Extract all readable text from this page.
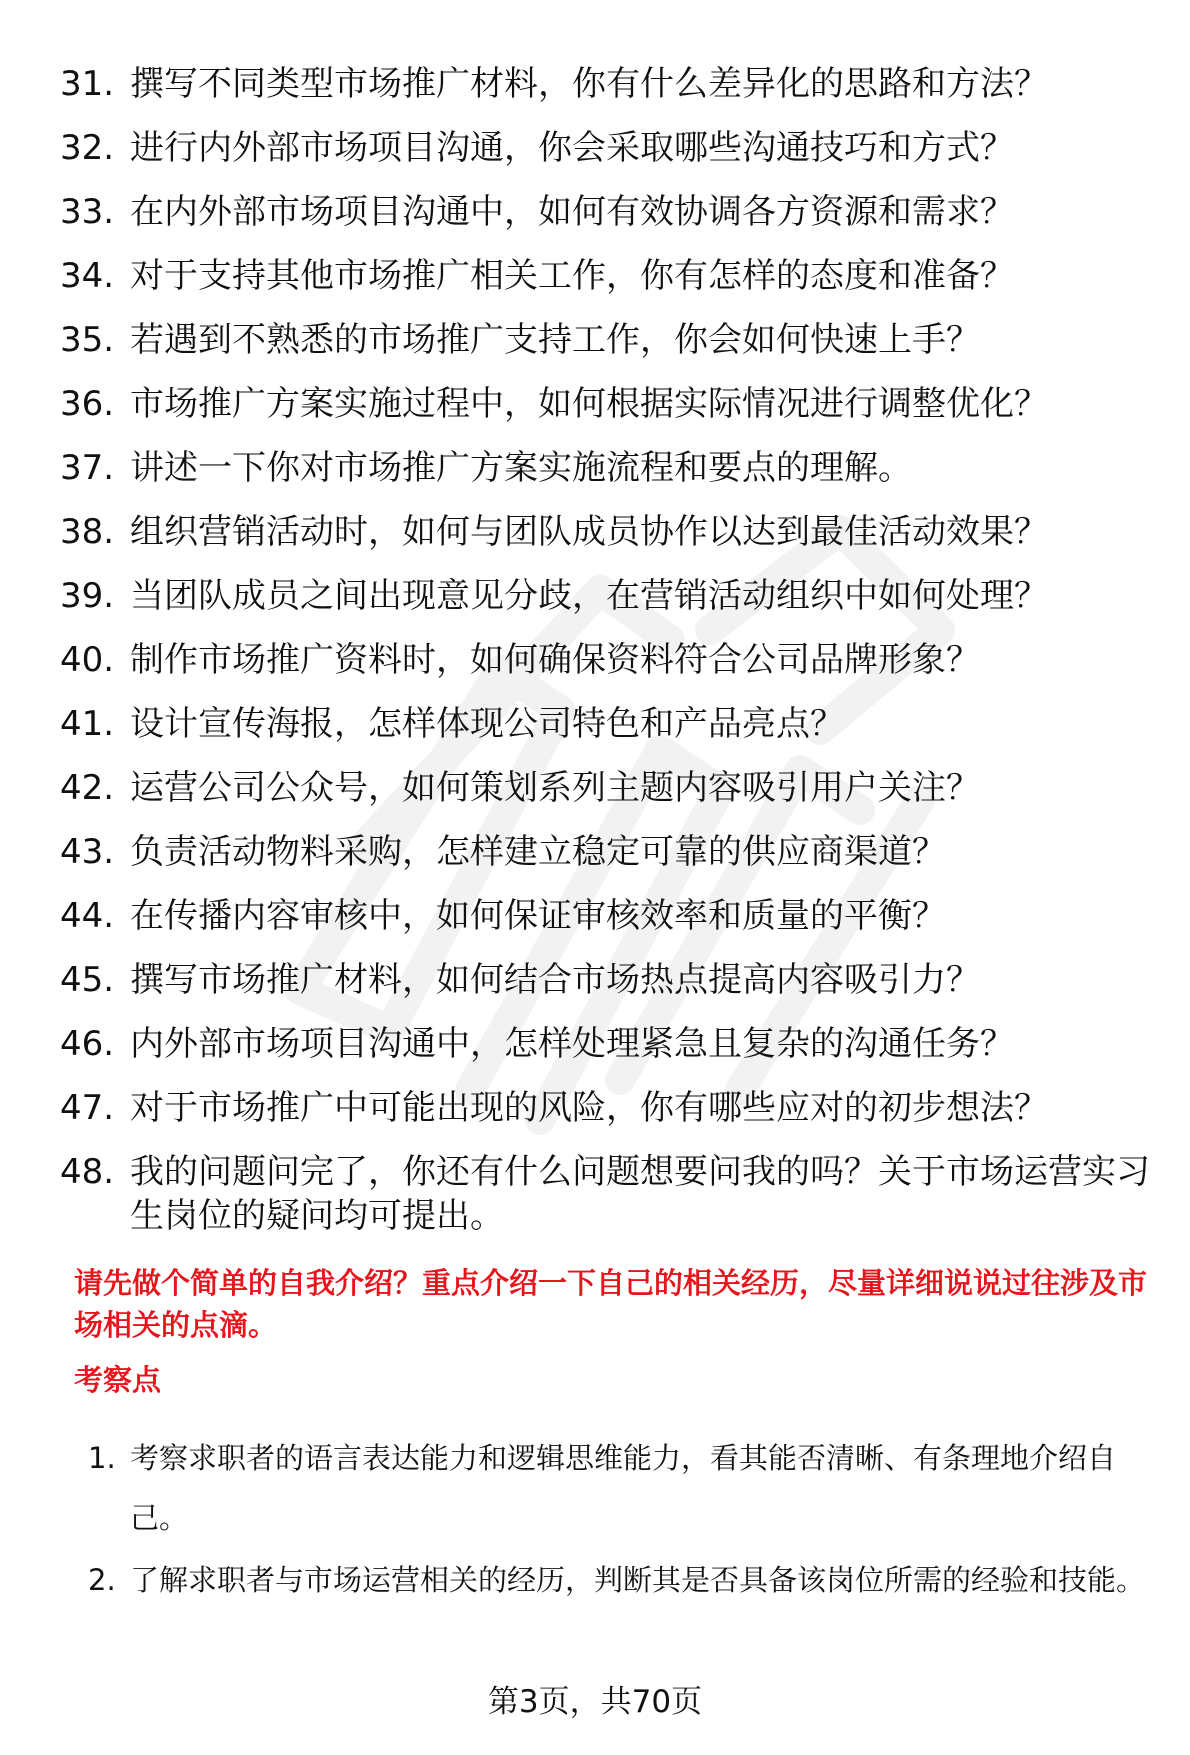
31. 撰写不同类型市场推广材料，你有什么差异化的思路和方法？
32. 进行内外部市场项目沟通，你会采取哪些沟通技巧和方式？
33. 在内外部市场项目沟通中，如何有效协调各方资源和需求？
34. 对于支持其他市场推广相关工作，你有怎样的态度和准备？
35. 若遇到不熟悉的市场推广支持工作，你会如何快速上手？
36. 市场推广方案实施过程中，如何根据实际情况进行调整优化？
37. 讲述一下你对市场推广方案实施流程和要点的理解。
38. 组织营销活动时，如何与团队成员协作以达到最佳活动效果？
39. 当团队成员之间出现意见分歧，在营销活动组织中如何处理？
40. 制作市场推广资料时，如何确保资料符合公司品牌形象？
41. 设计宣传海报，怎样体现公司特色和产品亮点？
42. 运营公司公众号，如何策划系列主题内容吸引用户关注？
43. 负责活动物料采购，怎样建立稳定可靠的供应商渠道？
44. 在传播内容审核中，如何保证审核效率和质量的平衡？
45. 撰写市场推广材料，如何结合市场热点提高内容吸引力？
46. 内外部市场项目沟通中，怎样处理紧急且复杂的沟通任务？
47. 对于市场推广中可能出现的风险，你有哪些应对的初步想法？
48. 我的问题问完了，你还有什么问题想要问我的吗？关于市场运营实习生岗位的疑问均可提出。

请先做个简单的自我介绍？重点介绍一下自己的相关经历，尽量详细说说过往涉及市场相关的点滴。

考察点

1. 考察求职者的语言表达能力和逻辑思维能力，看其能否清晰、有条理地介绍自己。
2. 了解求职者与市场运营相关的经历，判断其是否具备该岗位所需的经验和技能。
第3页，共70页
